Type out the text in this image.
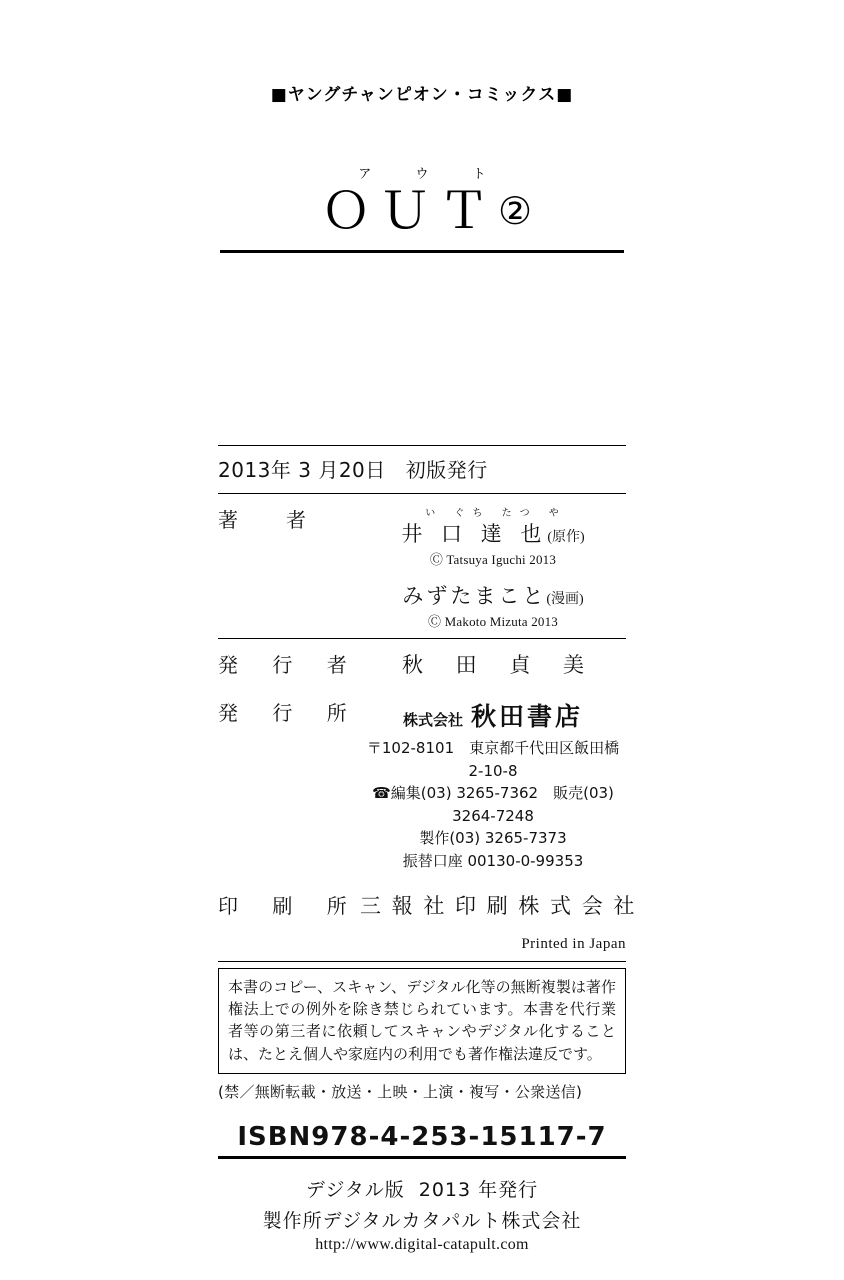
■ヤングチャンピオン・コミックス■
ア ウ ト
ＯＵＴ②
2013年 3 月20日 初版発行
著　者	い ぐち たつ や
井 口 達 也(原作)
Ⓒ Tatsuya Iguchi 2013
みずたまこと(漫画)
Ⓒ Makoto Mizuta 2013
発 行 者	秋 田 貞 美
発 行 所	株式会社 秋田書店
〒102-8101　東京都千代田区飯田橋2-10-8
☎編集(03) 3265-7362　販売(03) 3264-7248
製作(03) 3265-7373
振替口座 00130-0-99353
印 刷 所 三 報 社 印 刷 株 式 会 社
Printed in Japan
本書のコピー、スキャン、デジタル化等の無断複製は著作権法上での例外を除き禁じられています。本書を代行業者等の第三者に依頼してスキャンやデジタル化することは、たとえ個人や家庭内の利用でも著作権法違反です。
(禁／無断転載・放送・上映・上演・複写・公衆送信)
ISBN978-4-253-15117-7
デジタル版 2013 年発行
製作所デジタルカタパルト株式会社
http://www.digital-catapult.com
